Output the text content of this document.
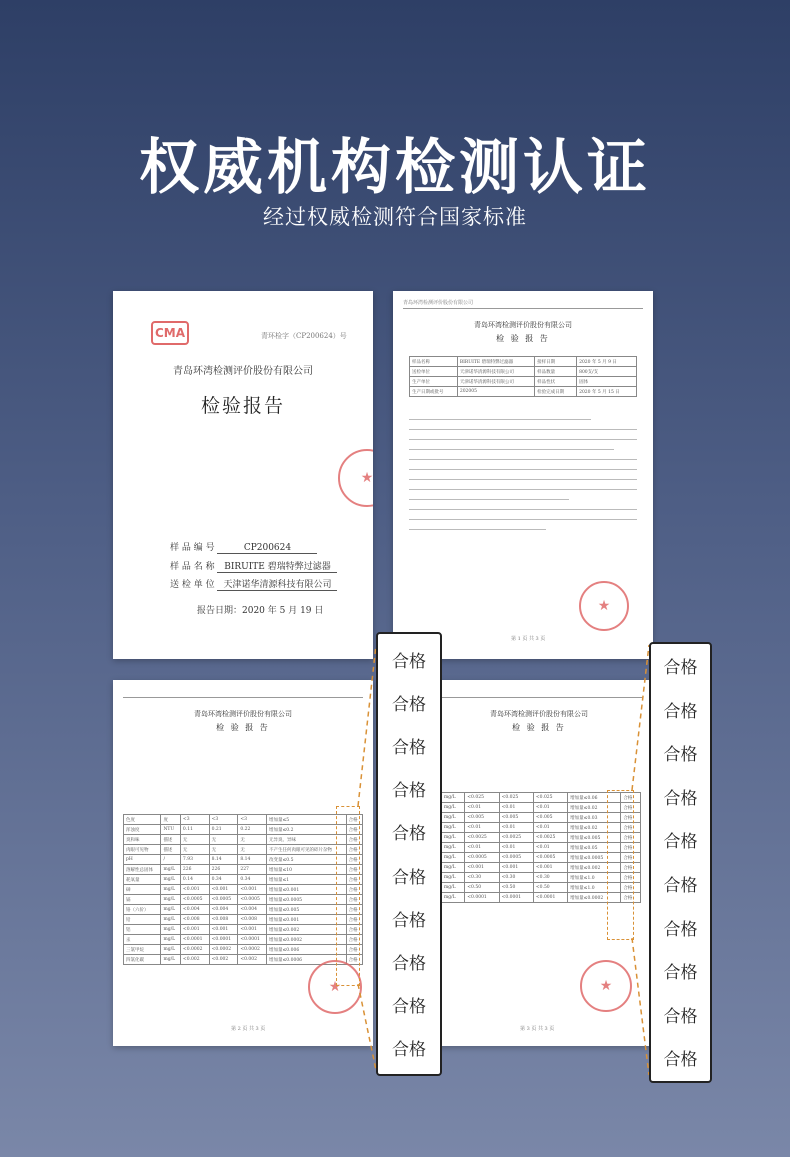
权威机构检测认证
经过权威检测符合国家标准
CMA	青环检字（CP200624）号
青岛环湾检测评价股份有限公司
检验报告
样 品 编 号	CP200624
样 品 名 称 BIRUITE 碧瑞特弊过滤器
送 检 单 位 天津诺华清源科技有限公司
报告日期：2020 年 5 月 19 日
★
青岛环湾检测评价股份有限公司
青岛环湾检测评价股份有限公司
检 验 报 告
样品名称	BIRUITE 碧瑞特弊过滤器	接样日期	2020 年 5 月 9 日
送检单位	天津诺华清源科技有限公司	样品数量	800支/支
生产单位	天津诺华清源科技有限公司	样品性状	固体
生产日期或批号	202005	检验完成日期	2020 年 5 月 15 日
★
第 1 页 共 3 页
青岛环湾检测评价股份有限公司
检 验 报 告
色度	度	<3	<3	<3	增加量≤5	合格
浑浊度	NTU	0.11	0.21	0.22	增加量≤0.2	合格
臭和味	描述	无	无	无	无异臭、异味	合格
肉眼可见物	描述	无	无	无	不产生任何肉眼可见的碎片杂物	合格
pH	/	7.93	8.14	8.14	改变量≤0.5	合格
溶解性总固体	mg/L	226	226	227	增加量≤10	合格
耗氧量	mg/L	0.14	0.34	0.34	增加量≤1	合格
砷	mg/L	<0.001	<0.001	<0.001	增加量≤0.001	合格
镉	mg/L	<0.0005	<0.0005	<0.0005	增加量≤0.0005	合格
铬（六价）	mg/L	<0.004	<0.004	<0.004	增加量≤0.005	合格
铅	mg/L	<0.008	<0.008	<0.008	增加量≤0.001	合格
铝	mg/L	<0.001	<0.001	<0.001	增加量≤0.002	合格
汞	mg/L	<0.0001	<0.0001	<0.0001	增加量≤0.0002	合格
三氯甲烷	mg/L	<0.0002	<0.0002	<0.0002	增加量≤0.006	合格
四氯化碳	mg/L	<0.002	<0.002	<0.002	增加量≤0.0006	合格
★
第 2 页 共 3 页
青岛环湾检测评价股份有限公司
检 验 报 告
mg/L	<0.025	<0.025	<0.025	增加量≤0.06	合格
mg/L	<0.01	<0.01	<0.01	增加量≤0.02	合格
mg/L	<0.005	<0.005	<0.005	增加量≤0.03	合格
mg/L	<0.01	<0.01	<0.01	增加量≤0.02	合格
mg/L	<0.0025	<0.0025	<0.0025	增加量≤0.005	合格
mg/L	<0.01	<0.01	<0.01	增加量≤0.05	合格
mg/L	<0.0005	<0.0005	<0.0005	增加量≤0.0005	合格
mg/L	<0.001	<0.001	<0.001	增加量≤0.002	合格
mg/L	<0.30	<0.30	<0.30	增加量≤1.0	合格
mg/L	<0.50	<0.50	<0.50	增加量≤1.0	合格
mg/L	<0.0001	<0.0001	<0.0001	增加量≤0.0002	合格
★
第 3 页 共 3 页
合格
合格
合格
合格
合格
合格
合格
合格
合格
合格
合格
合格
合格
合格
合格
合格
合格
合格
合格
合格
